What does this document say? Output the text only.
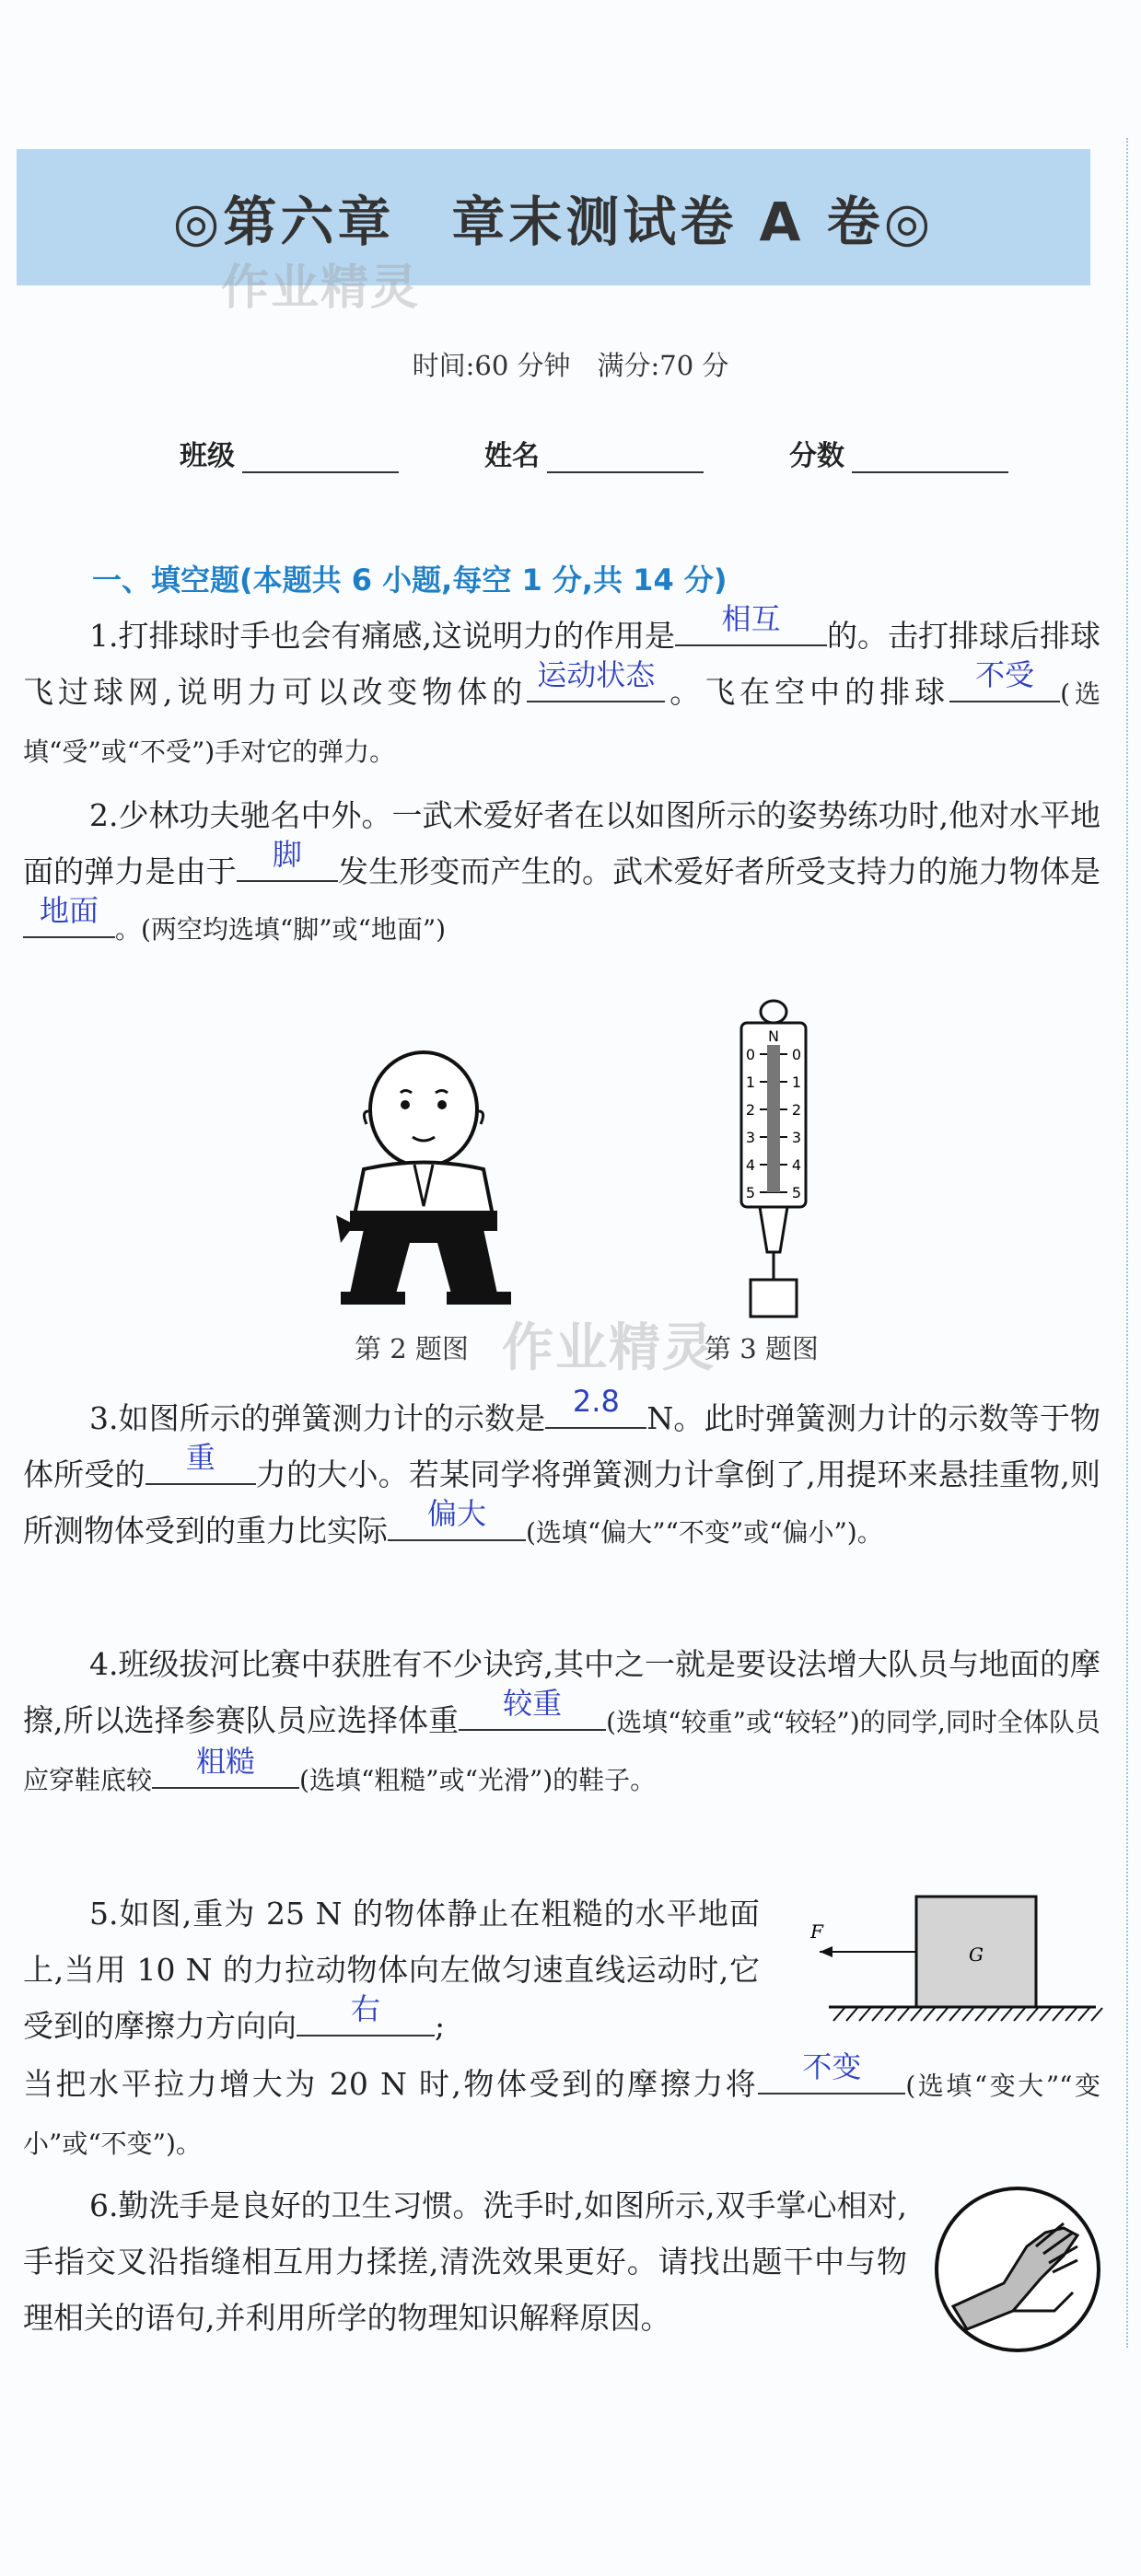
◎第六章　章末测试卷 A 卷◎
作业精灵
时间:60 分钟　满分:70 分
班级	姓名	分数
一、填空题(本题共 6 小题,每空 1 分,共 14 分)
1.打排球时手也会有痛感,这说明力的作用是	相互	的。击打排球后排球飞过球网,说明力可以改变物体的 运动状态 。飞在空中的排球 不受
(选填“受”或“不受”)手对它的弹力。
2.少林功夫驰名中外。一武术爱好者在以如图所示的姿势练功时,他对水平地面的弹力是由于	脚	发生形变而产生的。武术爱好者所受支持力的施力物体是
地面
。(两空均选填“脚”或“地面”)
N
0 0
1 1
2 2
3 3
4 4
5 5
第 2 题图	第 3 题图
作业精灵
3.如图所示的弹簧测力计的示数是 2.8 N。此时弹簧测力计的示数等于物体所受的	重	力的大小。若某同学将弹簧测力计拿倒了,用提环来悬挂重物,则所测物体受到的重力比实际	偏大
(选填“偏大”“不变”或“偏小”)。
4.班级拔河比赛中获胜有不少诀窍,其中之一就是要设法增大队员与地面的摩擦,所以选择参赛队员应选择体重	较重
(选填“较重”或“较轻”)的同学,同时全体队员应穿鞋底较
粗糙
(选填“粗糙”或“光滑”)的鞋子。
5.如图,重为 25 N 的物体静止在粗糙的水平地面上,当用 10 N 的力拉动物体向左做匀速直线运动时,它受到的摩擦力方向向	右	;
当把水平拉力增大为 20 N 时,物体受到的摩擦力将	不变
(选填“变大”“变小”或“不变”)。
G
F
6.勤洗手是良好的卫生习惯。洗手时,如图所示,双手掌心相对,手指交叉沿指缝相互用力揉搓,清洗效果更好。请找出题干中与物理相关的语句,并利用所学的物理知识解释原因。
